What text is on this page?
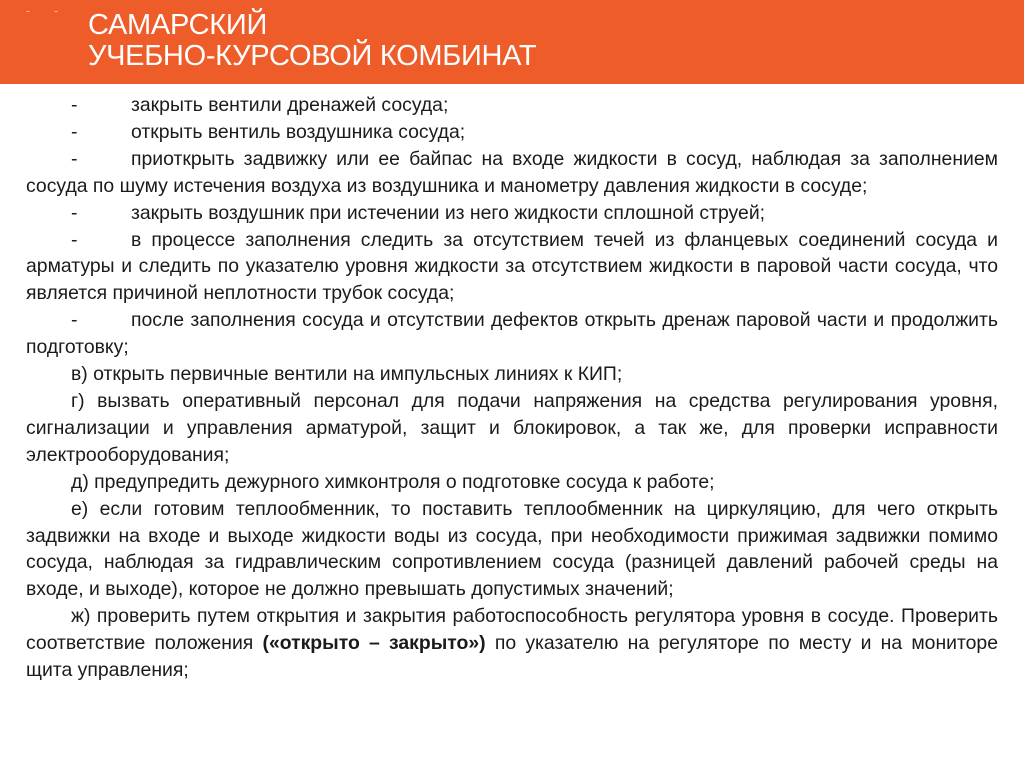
- - САМАРСКИЙ
УЧЕБНО-КУРСОВОЙ КОМБИНАТ

-	закрыть вентили дренажей сосуда;

-	открыть вентиль воздушника сосуда;

-	приоткрыть задвижку или ее байпас на входе жидкости в сосуд, наблюдая за заполнением сосуда по шуму истечения воздуха из воздушника и манометру давления жидкости в сосуде;

-	закрыть воздушник при истечении из него жидкости сплошной струей;

-	в процессе заполнения следить за отсутствием течей из фланцевых соединений сосуда и арматуры и следить по указателю уровня жидкости за отсутствием жидкости в паровой части сосуда, что является причиной неплотности трубок сосуда;

-	после заполнения сосуда и отсутствии дефектов открыть дренаж паровой части и продолжить подготовку;

в) открыть первичные вентили на импульсных линиях к КИП;

г) вызвать оперативный персонал для подачи напряжения на средства регулирования уровня, сигнализации и управления арматурой, защит и блокировок, а так же, для проверки исправности электрооборудования;

д) предупредить дежурного химконтроля о подготовке сосуда к работе;

е) если готовим теплообменник, то поставить теплообменник на циркуляцию, для чего открыть задвижки на входе и выходе жидкости воды из сосуда, при необходимости прижимая задвижки помимо сосуда, наблюдая за гидравлическим сопротивлением сосуда (разницей давлений рабочей среды на входе, и выходе), которое не должно превышать допустимых значений;

ж) проверить путем открытия и закрытия работоспособность регулятора уровня в сосуде. Проверить соответствие положения («открыто – закрыто») по указателю на регуляторе по месту и на мониторе щита управления;
